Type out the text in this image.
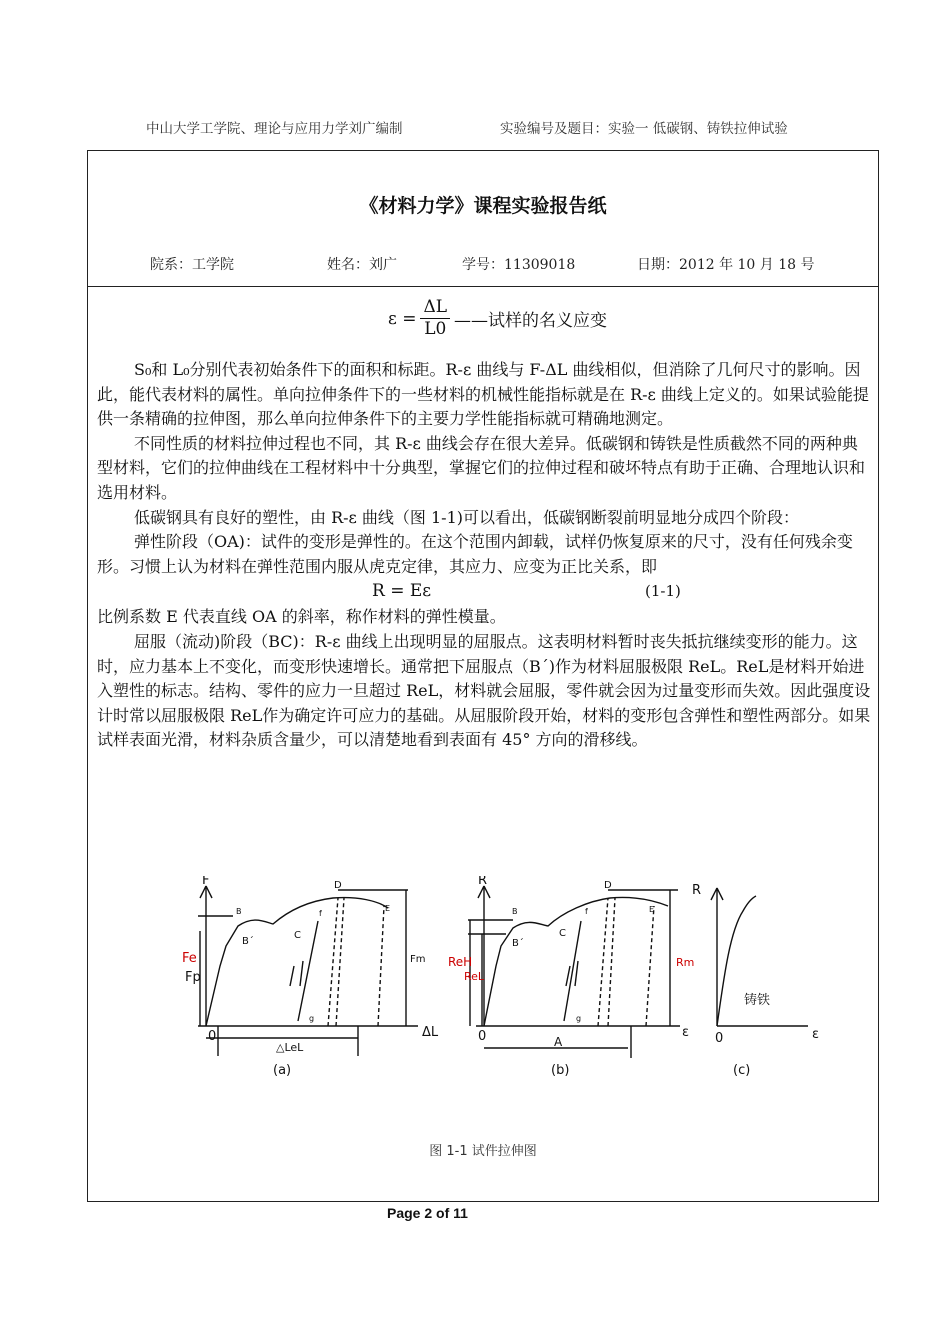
中山大学工学院、理论与应用力学刘广编制	实验编号及题目：实验一 低碳钢、铸铁拉伸试验
《材料力学》课程实验报告纸
院系：工学院	姓名：刘广	学号：11309018	日期：2012 年 10 月 18 号
$\varepsilon = \frac{\Delta L}{L0}$ ——试样的名义应变

S₀和 L₀分别代表初始条件下的面积和标距。R-ε 曲线与 F-ΔL 曲线相似，但消除了几何尺寸的影响。因此，能代表材料的属性。单向拉伸条件下的一些材料的机械性能指标就是在 R-ε 曲线上定义的。如果试验能提供一条精确的拉伸图，那么单向拉伸条件下的主要力学性能指标就可精确地测定。

不同性质的材料拉伸过程也不同，其 R-ε 曲线会存在很大差异。低碳钢和铸铁是性质截然不同的两种典型材料，它们的拉伸曲线在工程材料中十分典型，掌握它们的拉伸过程和破坏特点有助于正确、合理地认识和选用材料。

低碳钢具有良好的塑性，由 R-ε 曲线（图 1-1)可以看出，低碳钢断裂前明显地分成四个阶段：

弹性阶段（OA)：试件的变形是弹性的。在这个范围内卸载，试样仍恢复原来的尺寸，没有任何残余变形。习惯上认为材料在弹性范围内服从虎克定律，其应力、应变为正比关系，即

R = Eε	(1-1)

比例系数 E 代表直线 OA 的斜率，称作材料的弹性模量。

屈服（流动)阶段（BC)：R-ε 曲线上出现明显的屈服点。这表明材料暂时丧失抵抗继续变形的能力。这时，应力基本上不变化，而变形快速增长。通常把下屈服点（B´)作为材料屈服极限 ReL。ReL是材料开始进入塑性的标志。结构、零件的应力一旦超过 ReL，材料就会屈服，零件就会因为过量变形而失效。因此强度设计时常以屈服极限 ReL作为确定许可应力的基础。从屈服阶段开始，材料的变形包含弹性和塑性两部分。如果试样表面光滑，材料杂质含量少，可以清楚地看到表面有 45° 方向的滑移线。

F
ΔL
0
Fe
Fp
Fm
B
B´
C
D
E
f
g
△LeL
(a)
R
ε
0
ReH
ReL
Rm
B
B´
C
D
E
f
g
A
(b)
R
ε
0
铸铁
(c)
图 1-1 试件拉伸图
Page 2 of 11
